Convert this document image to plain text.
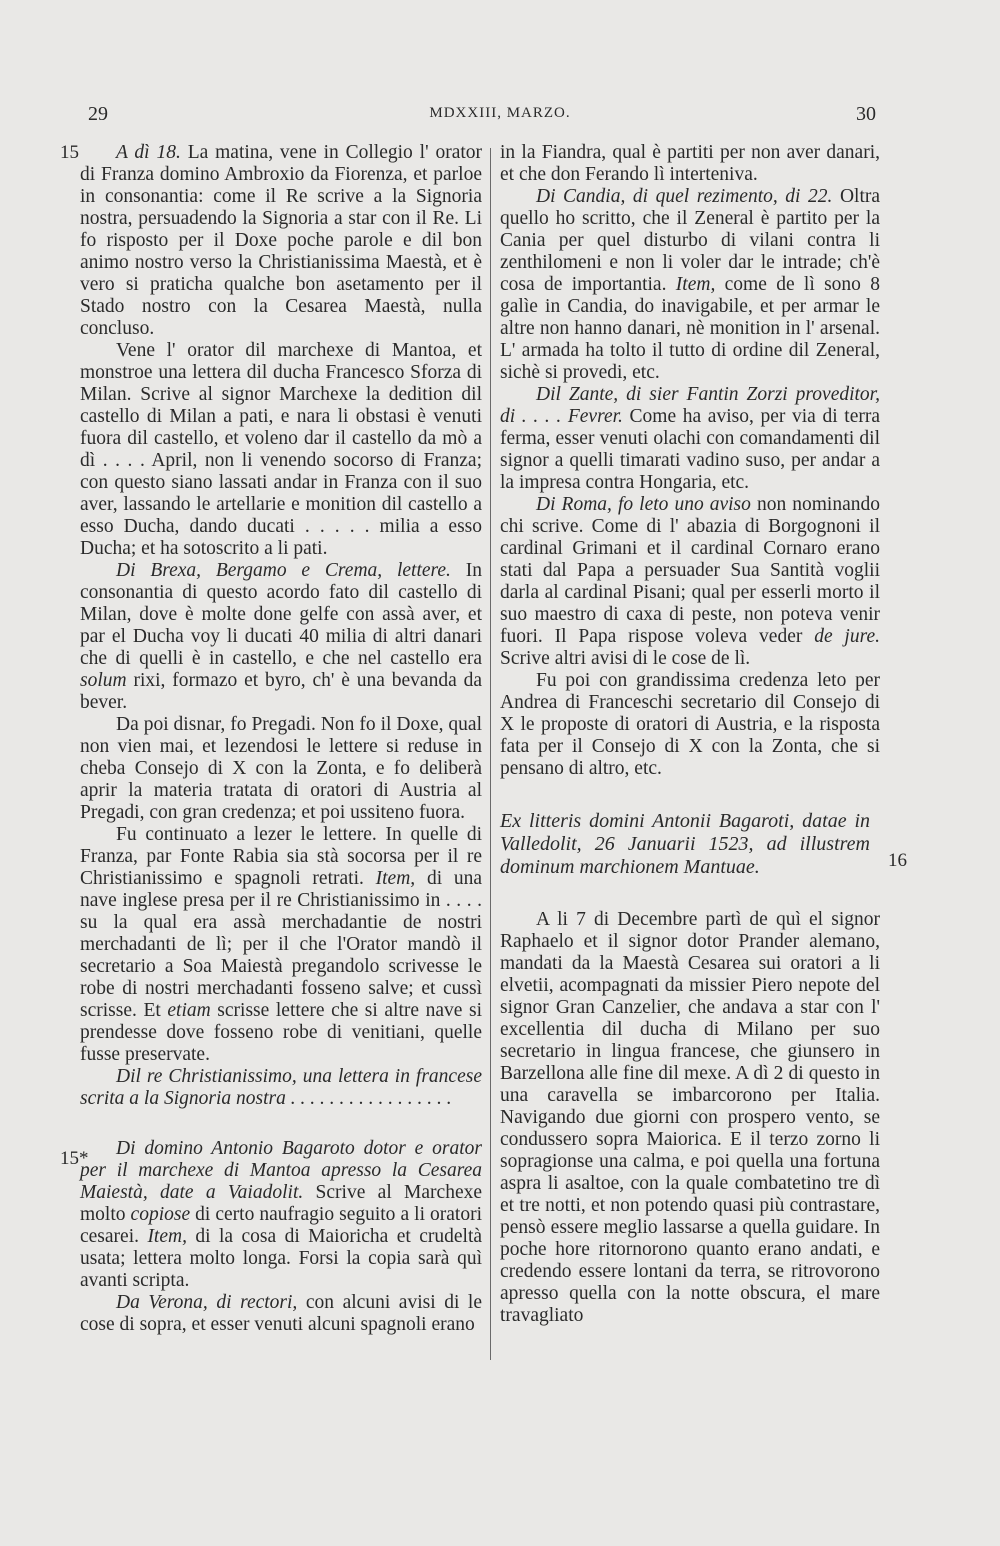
29	MDXXIII, MARZO.	30
15
15*
16

A dì 18. La matina, vene in Collegio l' orator di Franza domino Ambroxio da Fiorenza, et parloe in consonantia: come il Re scrive a la Signoria nostra, persuadendo la Signoria a star con il Re. Li fo risposto per il Doxe poche parole e dil bon animo nostro verso la Christianissima Maestà, et è vero si praticha qualche bon asetamento per il Stado nostro con la Cesarea Maestà, nulla concluso.

Vene l' orator dil marchexe di Mantoa, et monstroe una lettera dil ducha Francesco Sforza di Milan. Scrive al signor Marchexe la dedition dil castello di Milan a pati, e nara li obstasi è venuti fuora dil castello, et voleno dar il castello da mò a dì . . . . April, non li venendo socorso di Franza; con questo siano lassati andar in Franza con il suo aver, lassando le artellarie e monition dil castello a esso Ducha, dando ducati . . . . . milia a esso Ducha; et ha sotoscrito a li pati.

Di Brexa, Bergamo e Crema, lettere. In consonantia di questo acordo fato dil castello di Milan, dove è molte done gelfe con assà aver, et par el Ducha voy li ducati 40 milia di altri danari che di quelli è in castello, e che nel castello era solum rixi, formazo et byro, ch' è una bevanda da bever.

Da poi disnar, fo Pregadi. Non fo il Doxe, qual non vien mai, et lezendosi le lettere si reduse in cheba Consejo di X con la Zonta, e fo deliberà aprir la materia tratata di oratori di Austria al Pregadi, con gran credenza; et poi ussiteno fuora.

Fu continuato a lezer le lettere. In quelle di Franza, par Fonte Rabia sia stà socorsa per il re Christianissimo e spagnoli retrati. Item, di una nave inglese presa per il re Christianissimo in . . . . su la qual era assà merchadantie de nostri merchadanti de lì; per il che l'Orator mandò il secretario a Soa Maiestà pregandolo scrivesse le robe di nostri merchadanti fosseno salve; et cussì scrisse. Et etiam scrisse lettere che si altre nave si prendesse dove fosseno robe di venitiani, quelle fusse preservate.

Dil re Christianissimo, una lettera in francese scrita a la Signoria nostra . . . . . . . . . . . . . . . . .

Di domino Antonio Bagaroto dotor e orator per il marchexe di Mantoa apresso la Cesarea Maiestà, date a Vaiadolit. Scrive al Marchexe molto copiose di certo naufragio seguito a li oratori cesarei. Item, di la cosa di Maioricha et crudeltà usata; lettera molto longa. Forsi la copia sarà quì avanti scripta.

Da Verona, di rectori, con alcuni avisi di le cose di sopra, et esser venuti alcuni spagnoli erano

in la Fiandra, qual è partiti per non aver danari, et che don Ferando lì interteniva.

Di Candia, di quel rezimento, di 22. Oltra quello ho scritto, che il Zeneral è partito per la Cania per quel disturbo di vilani contra li zenthilomeni e non li voler dar le intrade; ch'è cosa de importantia. Item, come de lì sono 8 galìe in Candia, do inavigabile, et per armar le altre non hanno danari, nè monition in l' arsenal. L' armada ha tolto il tutto di ordine dil Zeneral, sichè si provedi, etc.

Dil Zante, di sier Fantin Zorzi proveditor, di . . . . Fevrer. Come ha aviso, per via di terra ferma, esser venuti olachi con comandamenti dil signor a quelli timarati vadino suso, per andar a la impresa contra Hongaria, etc.

Di Roma, fo leto uno aviso non nominando chi scrive. Come di l' abazia di Borgognoni il cardinal Grimani et il cardinal Cornaro erano stati dal Papa a persuader Sua Santità voglii darla al cardinal Pisani; qual per esserli morto il suo maestro di caxa di peste, non poteva venir fuori. Il Papa rispose voleva veder de jure. Scrive altri avisi di le cose de lì.

Fu poi con grandissima credenza leto per Andrea di Franceschi secretario dil Consejo di X le proposte di oratori di Austria, e la risposta fata per il Consejo di X con la Zonta, che si pensano di altro, etc.

Ex litteris domini Antonii Bagaroti, datae in Valledolit, 26 Januarii 1523, ad illustrem dominum marchionem Mantuae.

A li 7 di Decembre partì de quì el signor Raphaelo et il signor dotor Prander alemano, mandati da la Maestà Cesarea sui oratori a li elvetii, acompagnati da missier Piero nepote del signor Gran Canzelier, che andava a star con l' excellentia dil ducha di Milano per suo secretario in lingua francese, che giunsero in Barzellona alle fine dil mexe. A dì 2 di questo in una caravella se imbarcorono per Italia. Navigando due giorni con prospero vento, se condussero sopra Maiorica. E il terzo zorno li sopragionse una calma, e poi quella una fortuna aspra li asaltoe, con la quale combatetino tre dì et tre notti, et non potendo quasi più contrastare, pensò essere meglio lassarse a quella guidare. In poche hore ritornorono quanto erano andati, e credendo essere lontani da terra, se ritrovorono apresso quella con la notte obscura, el mare travagliato
